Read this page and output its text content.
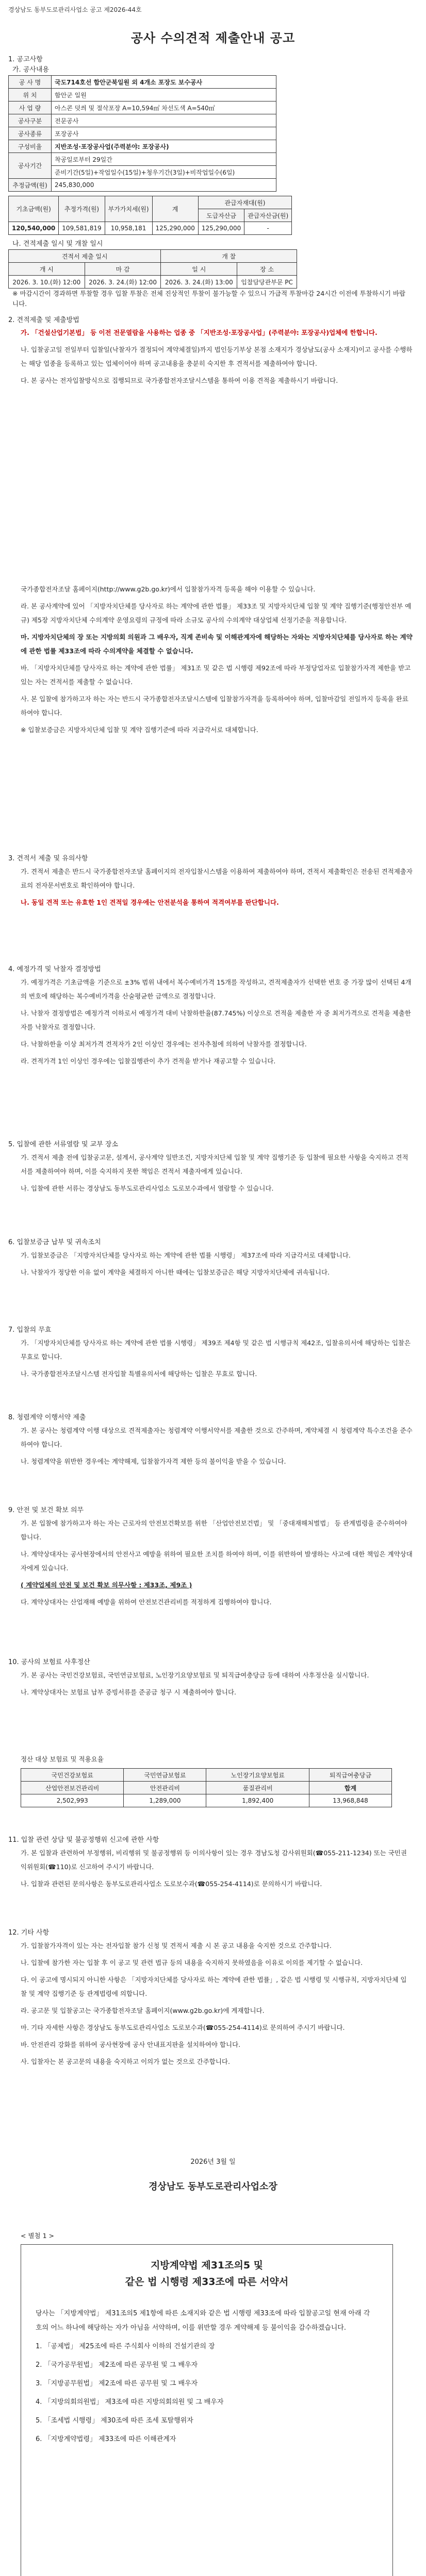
경상남도 동부도로관리사업소 공고 제2026-44호
공사 수의견적 제출안내 공고
1. 공고사항
가. 공사내용
공 사 명	국도714호선 합안군북일원 외 4개소 포장도 보수공사
위 치	함안군 일원
사 업 량	아스콘 덧씌 및 절삭포장 A=10,594㎡ 차선도색 A=540㎡
공사구분	전문공사
공사종류	포장공사
구성비율	지반조성·포장공사업(주력분야: 포장공사)
공사기간	착공일로부터 29일간
	준비기간(5일)+작업일수(15일)+청우기간(3일)+비작업일수(6일)
추정금액(원)	245,830,000
기초금액(원)	추정가격(원)	부가가치세(원)	계	관급자재대(원)	
				도급자산금	관급자산금(원)
120,540,000	109,581,819	10,958,181	125,290,000	125,290,000	-
나. 견적제출 일시 및 개찰 일시
견적서 제출 일시		개 찰	
개 시	마 감	일 시	장 소
2026. 3. 10.(화) 12:00	2026. 3. 24.(화) 12:00	2026. 3. 24.(화) 13:00	입찰담당관부문 PC
※ 마감시간이 경과하면 투찰할 경우 입찰 투찰은 전체 진상적인 투찰이 불가능할 수 있으니 가급적 투찰마감 24시간 이전에 투찰하시기 바랍니다.
2. 견적제출 및 제출방법

가. 「건설산업기본법」 등 이전 전문열람을 사용하는 업종 중 「지반조성·포장공사업」(주력분야: 포장공사)업체에 한합니다.

나. 입찰공고일 전일부터 입찰일(낙찰자가 결정되어 계약체결일)까지 법인등기부상 본점 소재지가 경상남도(공사 소재지)이고 공사를 수행하는 해당 업종을 등록하고 있는 업체이어야 하며 공고내용을 충분히 숙지한 후 견적서를 제출하여야 합니다.

다. 본 공사는 전자입찰방식으로 집행되므로 국가종합전자조달시스템을 통하여 이용 견적을 제출하시기 바랍니다.

국가종합전자조달 홈페이지(http://www.g2b.go.kr)에서 입찰참가자격 등록을 해야 이용할 수 있습니다.

라. 본 공사계약에 있어 「지방자치단체를 당사자로 하는 계약에 관한 법률」 제33조 및 지방자치단체 입찰 및 계약 집행기준(행정안전부 예규) 제5장 지방자치단체 수의계약 운영요령의 규정에 따라 소규모 공사의 수의계약 대상업체 선정기준을 적용합니다.

마. 지방자치단체의 장 또는 지방의회 의원과 그 배우자, 직계 존비속 및 이해관계자에 해당하는 자와는 지방자치단체를 당사자로 하는 계약에 관한 법률 제33조에 따라 수의계약을 체결할 수 없습니다.

바. 「지방자치단체를 당사자로 하는 계약에 관한 법률」 제31조 및 같은 법 시행령 제92조에 따라 부정당업자로 입찰참가자격 제한을 받고 있는 자는 견적서를 제출할 수 없습니다.

사. 본 입찰에 참가하고자 하는 자는 반드시 국가종합전자조달시스템에 입찰참가자격을 등록하여야 하며, 입찰마감일 전일까지 등록을 완료하여야 합니다.

※ 입찰보증금은 지방자치단체 입찰 및 계약 집행기준에 따라 지급각서로 대체합니다.

3. 견적서 제출 및 유의사항

가. 견적서 제출은 반드시 국가종합전자조달 홈페이지의 전자입찰시스템을 이용하여 제출하여야 하며, 견적서 제출확인은 전송된 견적제출자료의 전자문서번호로 확인하여야 합니다.

나. 동일 견적 또는 유효한 1인 견적일 경우에는 안전분석을 통하여 적격여부를 판단합니다.

4. 예정가격 및 낙찰자 결정방법

가. 예정가격은 기초금액을 기준으로 ±3% 범위 내에서 복수예비가격 15개를 작성하고, 견적제출자가 선택한 번호 중 가장 많이 선택된 4개의 번호에 해당하는 복수예비가격을 산술평균한 금액으로 결정합니다.

나. 낙찰자 결정방법은 예정가격 이하로서 예정가격 대비 낙찰하한율(87.745%) 이상으로 견적을 제출한 자 중 최저가격으로 견적을 제출한 자를 낙찰자로 결정합니다.

다. 낙찰하한율 이상 최저가격 견적자가 2인 이상인 경우에는 전자추첨에 의하여 낙찰자를 결정합니다.

라. 견적가격 1인 이상인 경우에는 입찰집행관이 추가 견적을 받거나 재공고할 수 있습니다.

5. 입찰에 관한 서류열람 및 교부 장소

가. 견적서 제출 전에 입찰공고문, 설계서, 공사계약 일반조건, 지방자치단체 입찰 및 계약 집행기준 등 입찰에 필요한 사항을 숙지하고 견적서를 제출하여야 하며, 이를 숙지하지 못한 책임은 견적서 제출자에게 있습니다.

나. 입찰에 관한 서류는 경상남도 동부도로관리사업소 도로보수과에서 열람할 수 있습니다.

6. 입찰보증금 납부 및 귀속조치

가. 입찰보증금은 「지방자치단체를 당사자로 하는 계약에 관한 법률 시행령」 제37조에 따라 지급각서로 대체합니다.

나. 낙찰자가 정당한 이유 없이 계약을 체결하지 아니한 때에는 입찰보증금은 해당 지방자치단체에 귀속됩니다.

7. 입찰의 무효

가. 「지방자치단체를 당사자로 하는 계약에 관한 법률 시행령」 제39조 제4항 및 같은 법 시행규칙 제42조, 입찰유의서에 해당하는 입찰은 무효로 합니다.

나. 국가종합전자조달시스템 전자입찰 특별유의서에 해당하는 입찰은 무효로 합니다.

8. 청렴계약 이행서약 제출

가. 본 공사는 청렴계약 이행 대상으로 견적제출자는 청렴계약 이행서약서를 제출한 것으로 간주하며, 계약체결 시 청렴계약 특수조건을 준수하여야 합니다.

나. 청렴계약을 위반한 경우에는 계약해제, 입찰참가자격 제한 등의 불이익을 받을 수 있습니다.

9. 안전 및 보건 확보 의무

가. 본 입찰에 참가하고자 하는 자는 근로자의 안전보건확보를 위한 「산업안전보건법」 및 「중대재해처벌법」 등 관계법령을 준수하여야 합니다.

나. 계약상대자는 공사현장에서의 안전사고 예방을 위하여 필요한 조치를 하여야 하며, 이를 위반하여 발생하는 사고에 대한 책임은 계약상대자에게 있습니다.

( 계약업체의 안전 및 보건 확보 의무사항 : 제33조, 제9조 )

다. 계약상대자는 산업재해 예방을 위하여 안전보건관리비를 적정하게 집행하여야 합니다.

10. 공사의 보험료 사후정산

가. 본 공사는 국민건강보험료, 국민연금보험료, 노인장기요양보험료 및 퇴직급여충당금 등에 대하여 사후정산을 실시합니다.

나. 계약상대자는 보험료 납부 증빙서류를 준공금 청구 시 제출하여야 합니다.

정산 대상 보험료 및 적용요율
국민건강보험료	국민연금보험료	노인장기요양보험료	퇴직급여충당금
산업안전보건관리비	안전관리비	품질관리비	합계
2,502,993	1,289,000	1,892,400	13,968,848
11. 입찰 관련 상담 및 불공정행위 신고에 관한 사항

가. 본 입찰과 관련하여 부정행위, 비리행위 및 불공정행위 등 이의사항이 있는 경우 경남도청 감사위원회(☎055-211-1234) 또는 국민권익위원회(☎110)로 신고하여 주시기 바랍니다.

나. 입찰과 관련된 문의사항은 동부도로관리사업소 도로보수과(☎055-254-4114)로 문의하시기 바랍니다.

12. 기타 사항

가. 입찰참가자격이 있는 자는 전자입찰 참가 신청 및 견적서 제출 시 본 공고 내용을 숙지한 것으로 간주합니다.

나. 입찰에 참가한 자는 입찰 후 이 공고 및 관련 법규 등의 내용을 숙지하지 못하였음을 이유로 이의를 제기할 수 없습니다.

다. 이 공고에 명시되지 아니한 사항은 「지방자치단체를 당사자로 하는 계약에 관한 법률」, 같은 법 시행령 및 시행규칙, 지방자치단체 입찰 및 계약 집행기준 등 관계법령에 의합니다.

라. 공고문 및 입찰공고는 국가종합전자조달 홈페이지(www.g2b.go.kr)에 게재합니다.

마. 기타 자세한 사항은 경상남도 동부도로관리사업소 도로보수과(☎055-254-4114)로 문의하여 주시기 바랍니다.

바. 안전관리 강화를 위하여 공사현장에 공사 안내표지판을 설치하여야 합니다.

사. 입찰자는 본 공고문의 내용을 숙지하고 이의가 없는 것으로 간주합니다.

2026년 3월 일
경상남도 동부도로관리사업소장
< 별첨 1 >
지방계약법 제31조의5 및
같은 법 시행령 제33조에 따른 서약서

당사는 「지방계약법」 제31조의5 제1항에 따른 소재지와 같은 법 시행령 제33조에 따라 입찰공고일 현재 아래 각 호의 어느 하나에 해당하는 자가 아님을 서약하며, 이를 위반할 경우 계약해제 등 불이익을 감수하겠습니다.

1. 「공제법」 제25조에 따른 주식회사 이하의 건설기관의 장

2. 「국가공무원법」 제2조에 따른 공무원 및 그 배우자

3. 「지방공무원법」 제2조에 따른 공무원 및 그 배우자

4. 「지방의회의원법」 제3조에 따른 지방의회의원 및 그 배우자

5. 「조세법 시행령」 제30조에 따른 조세 포탈행위자

6. 「지방계약법령」 제33조에 따른 이해관계자
